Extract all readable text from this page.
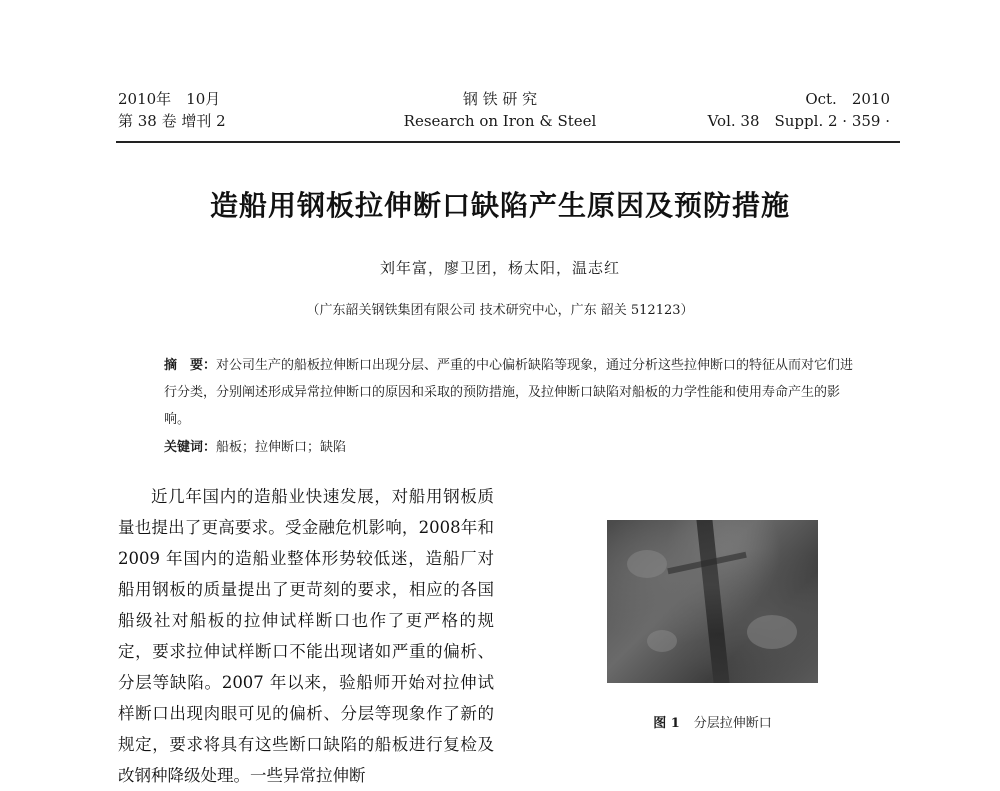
2010年　10月
第 38 卷 增刊 2
钢 铁 研 究
Research on Iron & Steel
Oct.　2010
Vol. 38　Suppl. 2 · 359 ·
造船用钢板拉伸断口缺陷产生原因及预防措施
刘年富，廖卫团，杨太阳，温志红
（广东韶关钢铁集团有限公司 技术研究中心，广东 韶关 512123）
摘　要：对公司生产的船板拉伸断口出现分层、严重的中心偏析缺陷等现象，通过分析这些拉伸断口的特征从而对它们进行分类，分别阐述形成异常拉伸断口的原因和采取的预防措施，及拉伸断口缺陷对船板的力学性能和使用寿命产生的影响。
关键词：船板；拉伸断口；缺陷

近几年国内的造船业快速发展，对船用钢板质量也提出了更高要求。受金融危机影响，2008年和 2009 年国内的造船业整体形势较低迷，造船厂对船用钢板的质量提出了更苛刻的要求，相应的各国船级社对船板的拉伸试样断口也作了更严格的规定，要求拉伸试样断口不能出现诸如严重的偏析、分层等缺陷。2007 年以来，验船师开始对拉伸试样断口出现肉眼可见的偏析、分层等现象作了新的规定，要求将具有这些断口缺陷的船板进行复检及改钢种降级处理。一些异常拉伸断

图 1 分层拉伸断口
